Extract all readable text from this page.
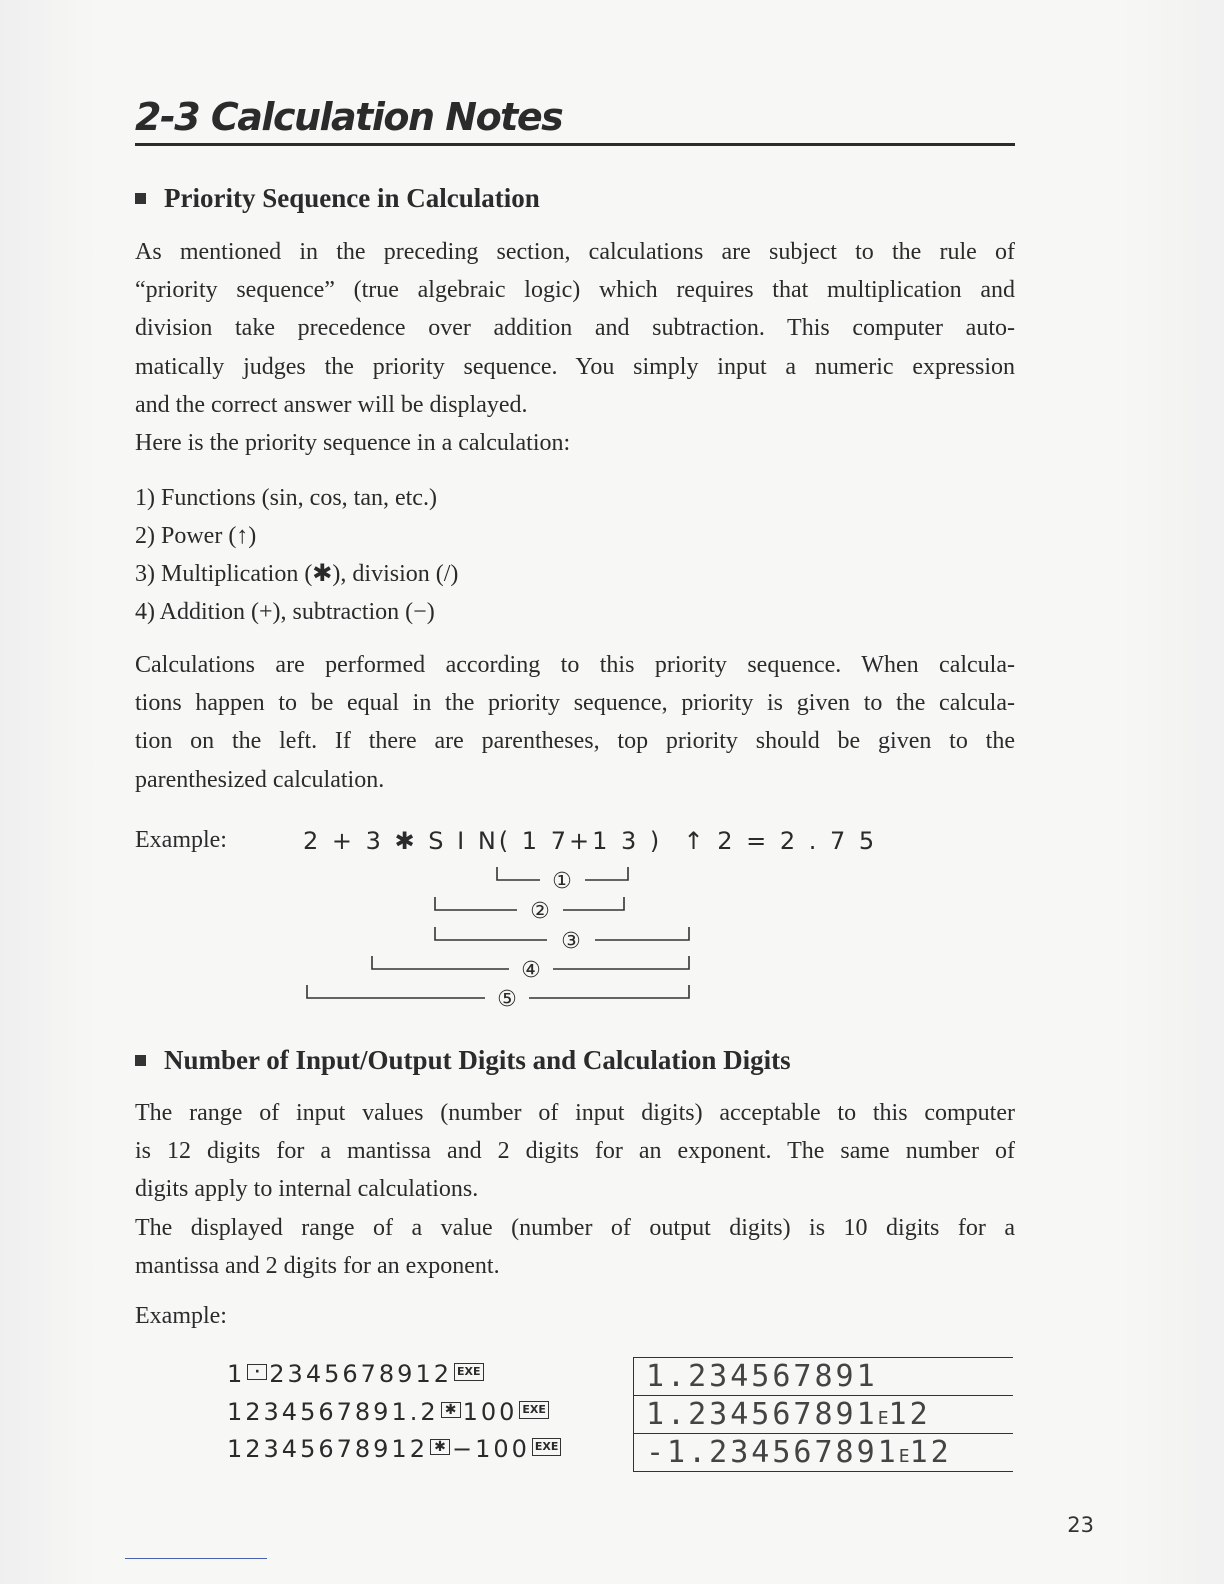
2-3 Calculation Notes
Priority Sequence in Calculation
As mentioned in the preceding section, calculations are subject to the rule of
“priority sequence” (true algebraic logic) which requires that multiplication and
division take precedence over addition and subtraction. This computer auto-
matically judges the priority sequence. You simply input a numeric expression
and the correct answer will be displayed.
Here is the priority sequence in a calculation:
1) Functions (sin, cos, tan, etc.)
2) Power (↑)
3) Multiplication (✱), division (/)
4) Addition (+), subtraction (−)
Calculations are performed according to this priority sequence. When calcula-
tions happen to be equal in the priority sequence, priority is given to the calcula-
tion on the left. If there are parentheses, top priority should be given to the
parenthesized calculation.
Example:	2 + 3 ✱ S I N( 1 7+1 3 )  ↑ 2 = 2 . 7 5
①
②
③
④
⑤
Number of Input/Output Digits and Calculation Digits
The range of input values (number of input digits) acceptable to this computer
is 12 digits for a mantissa and 2 digits for an exponent. The same number of
digits apply to internal calculations.
The displayed range of a value (number of output digits) is 10 digits for a
mantissa and 2 digits for an exponent.
Example:
1 · 2345678912 EXE
1234567891.2 ✱ 100 EXE
12345678912 ✱ −100 EXE
1.234567891
1.234567891E12
-1.234567891E12
23
